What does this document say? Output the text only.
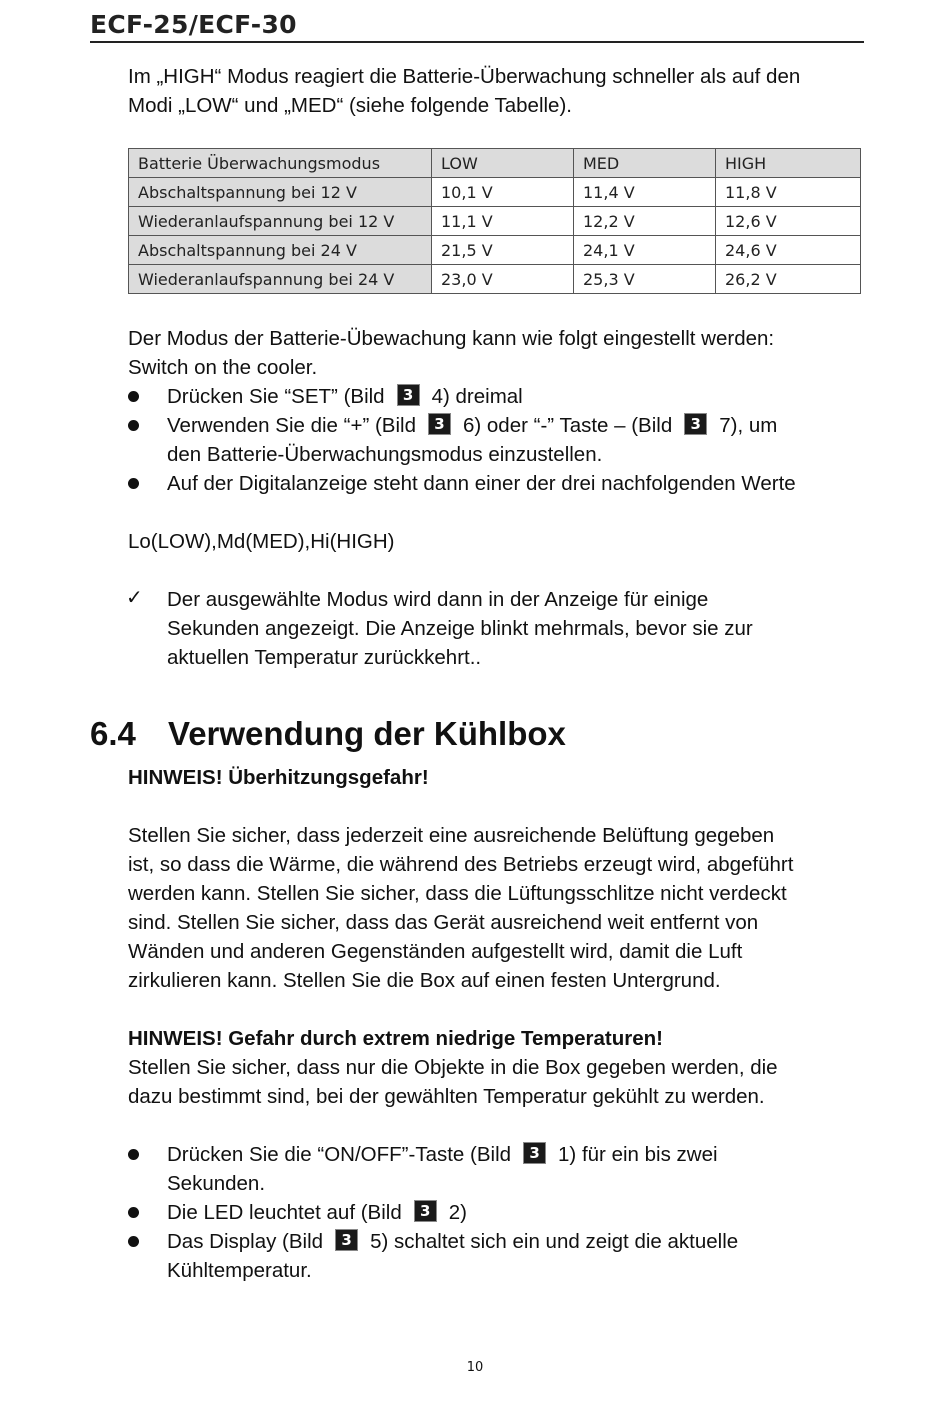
ECF-25/ECF-30

Im „HIGH“ Modus reagiert die Batterie-Überwachung schneller als auf den

Modi „LOW“ und „MED“ (siehe folgende Tabelle).

Batterie Überwachungsmodus	LOW	MED	HIGH
Abschaltspannung bei 12 V	10,1 V	11,4 V	11,8 V
Wiederanlaufspannung bei 12 V	11,1 V	12,2 V	12,6 V
Abschaltspannung bei 24 V	21,5 V	24,1 V	24,6 V
Wiederanlaufspannung bei 24 V	23,0 V	25,3 V	26,2 V

Der Modus der Batterie-Übewachung kann wie folgt eingestellt werden:

Switch on the cooler.

Drücken Sie “SET” (Bild 3 4) dreimal
Verwenden Sie die “+” (Bild 3 6) oder “-” Taste – (Bild 3 7), um
den Batterie-Überwachungsmodus einzustellen.
Auf der Digitalanzeige steht dann einer der drei nachfolgenden Werte

Lo(LOW),Md(MED),Hi(HIGH)

✓ Der ausgewählte Modus wird dann in der Anzeige für einige
Sekunden angezeigt. Die Anzeige blinkt mehrmals, bevor sie zur
aktuellen Temperatur zurückkehrt..
6.4 Verwendung der Kühlbox

HINWEIS! Überhitzungsgefahr!

Stellen Sie sicher, dass jederzeit eine ausreichende Belüftung gegeben

ist, so dass die Wärme, die während des Betriebs erzeugt wird, abgeführt

werden kann. Stellen Sie sicher, dass die Lüftungsschlitze nicht verdeckt

sind. Stellen Sie sicher, dass das Gerät ausreichend weit entfernt von

Wänden und anderen Gegenständen aufgestellt wird, damit die Luft

zirkulieren kann. Stellen Sie die Box auf einen festen Untergrund.

HINWEIS! Gefahr durch extrem niedrige Temperaturen!

Stellen Sie sicher, dass nur die Objekte in die Box gegeben werden, die

dazu bestimmt sind, bei der gewählten Temperatur gekühlt zu werden.

Drücken Sie die “ON/OFF”-Taste (Bild 3 1) für ein bis zwei
Sekunden.
Die LED leuchtet auf (Bild 3 2)
Das Display (Bild 3 5) schaltet sich ein und zeigt die aktuelle
Kühltemperatur.
10
